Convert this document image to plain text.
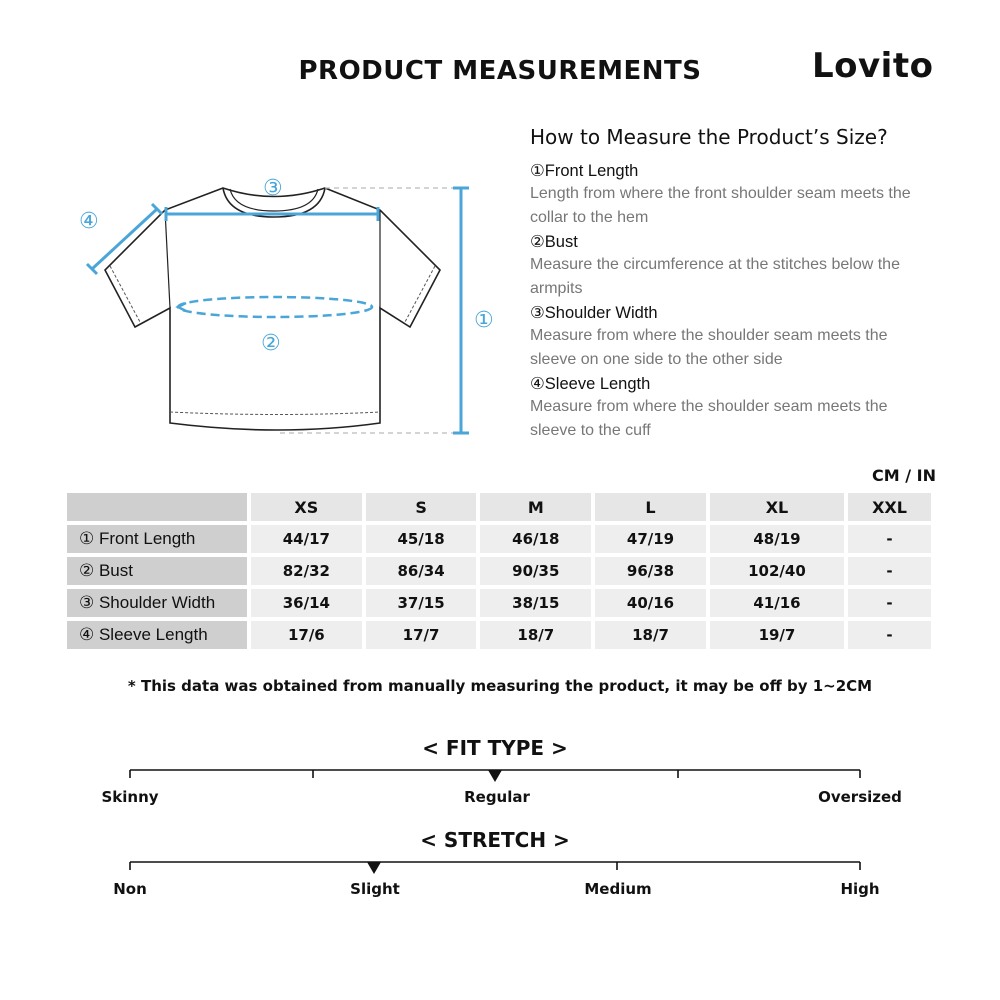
PRODUCT MEASUREMENTS	Lovito
③
④
②
①
How to Measure the Product’s Size?
①Front Length
Length from where the front shoulder seam meets the collar to the hem
②Bust
Measure the circumference at the stitches below the armpits
③Shoulder Width
Measure from where the shoulder seam meets the sleeve on one side to the other side
④Sleeve Length
Measure from where the shoulder seam meets the sleeve to the cuff
CM / IN
	XS	S	M	L	XL	XXL
① Front Length	44/17	45/18	46/18	47/19	48/19	-
② Bust	82/32	86/34	90/35	96/38	102/40	-
③ Shoulder Width	36/14	37/15	38/15	40/16	41/16	-
④ Sleeve Length	17/6	17/7	18/7	18/7	19/7	-
* This data was obtained from manually measuring the product, it may be off by 1~2CM
< FIT TYPE >
Skinny	Regular	Oversized
< STRETCH >
Non	Slight	Medium	High
